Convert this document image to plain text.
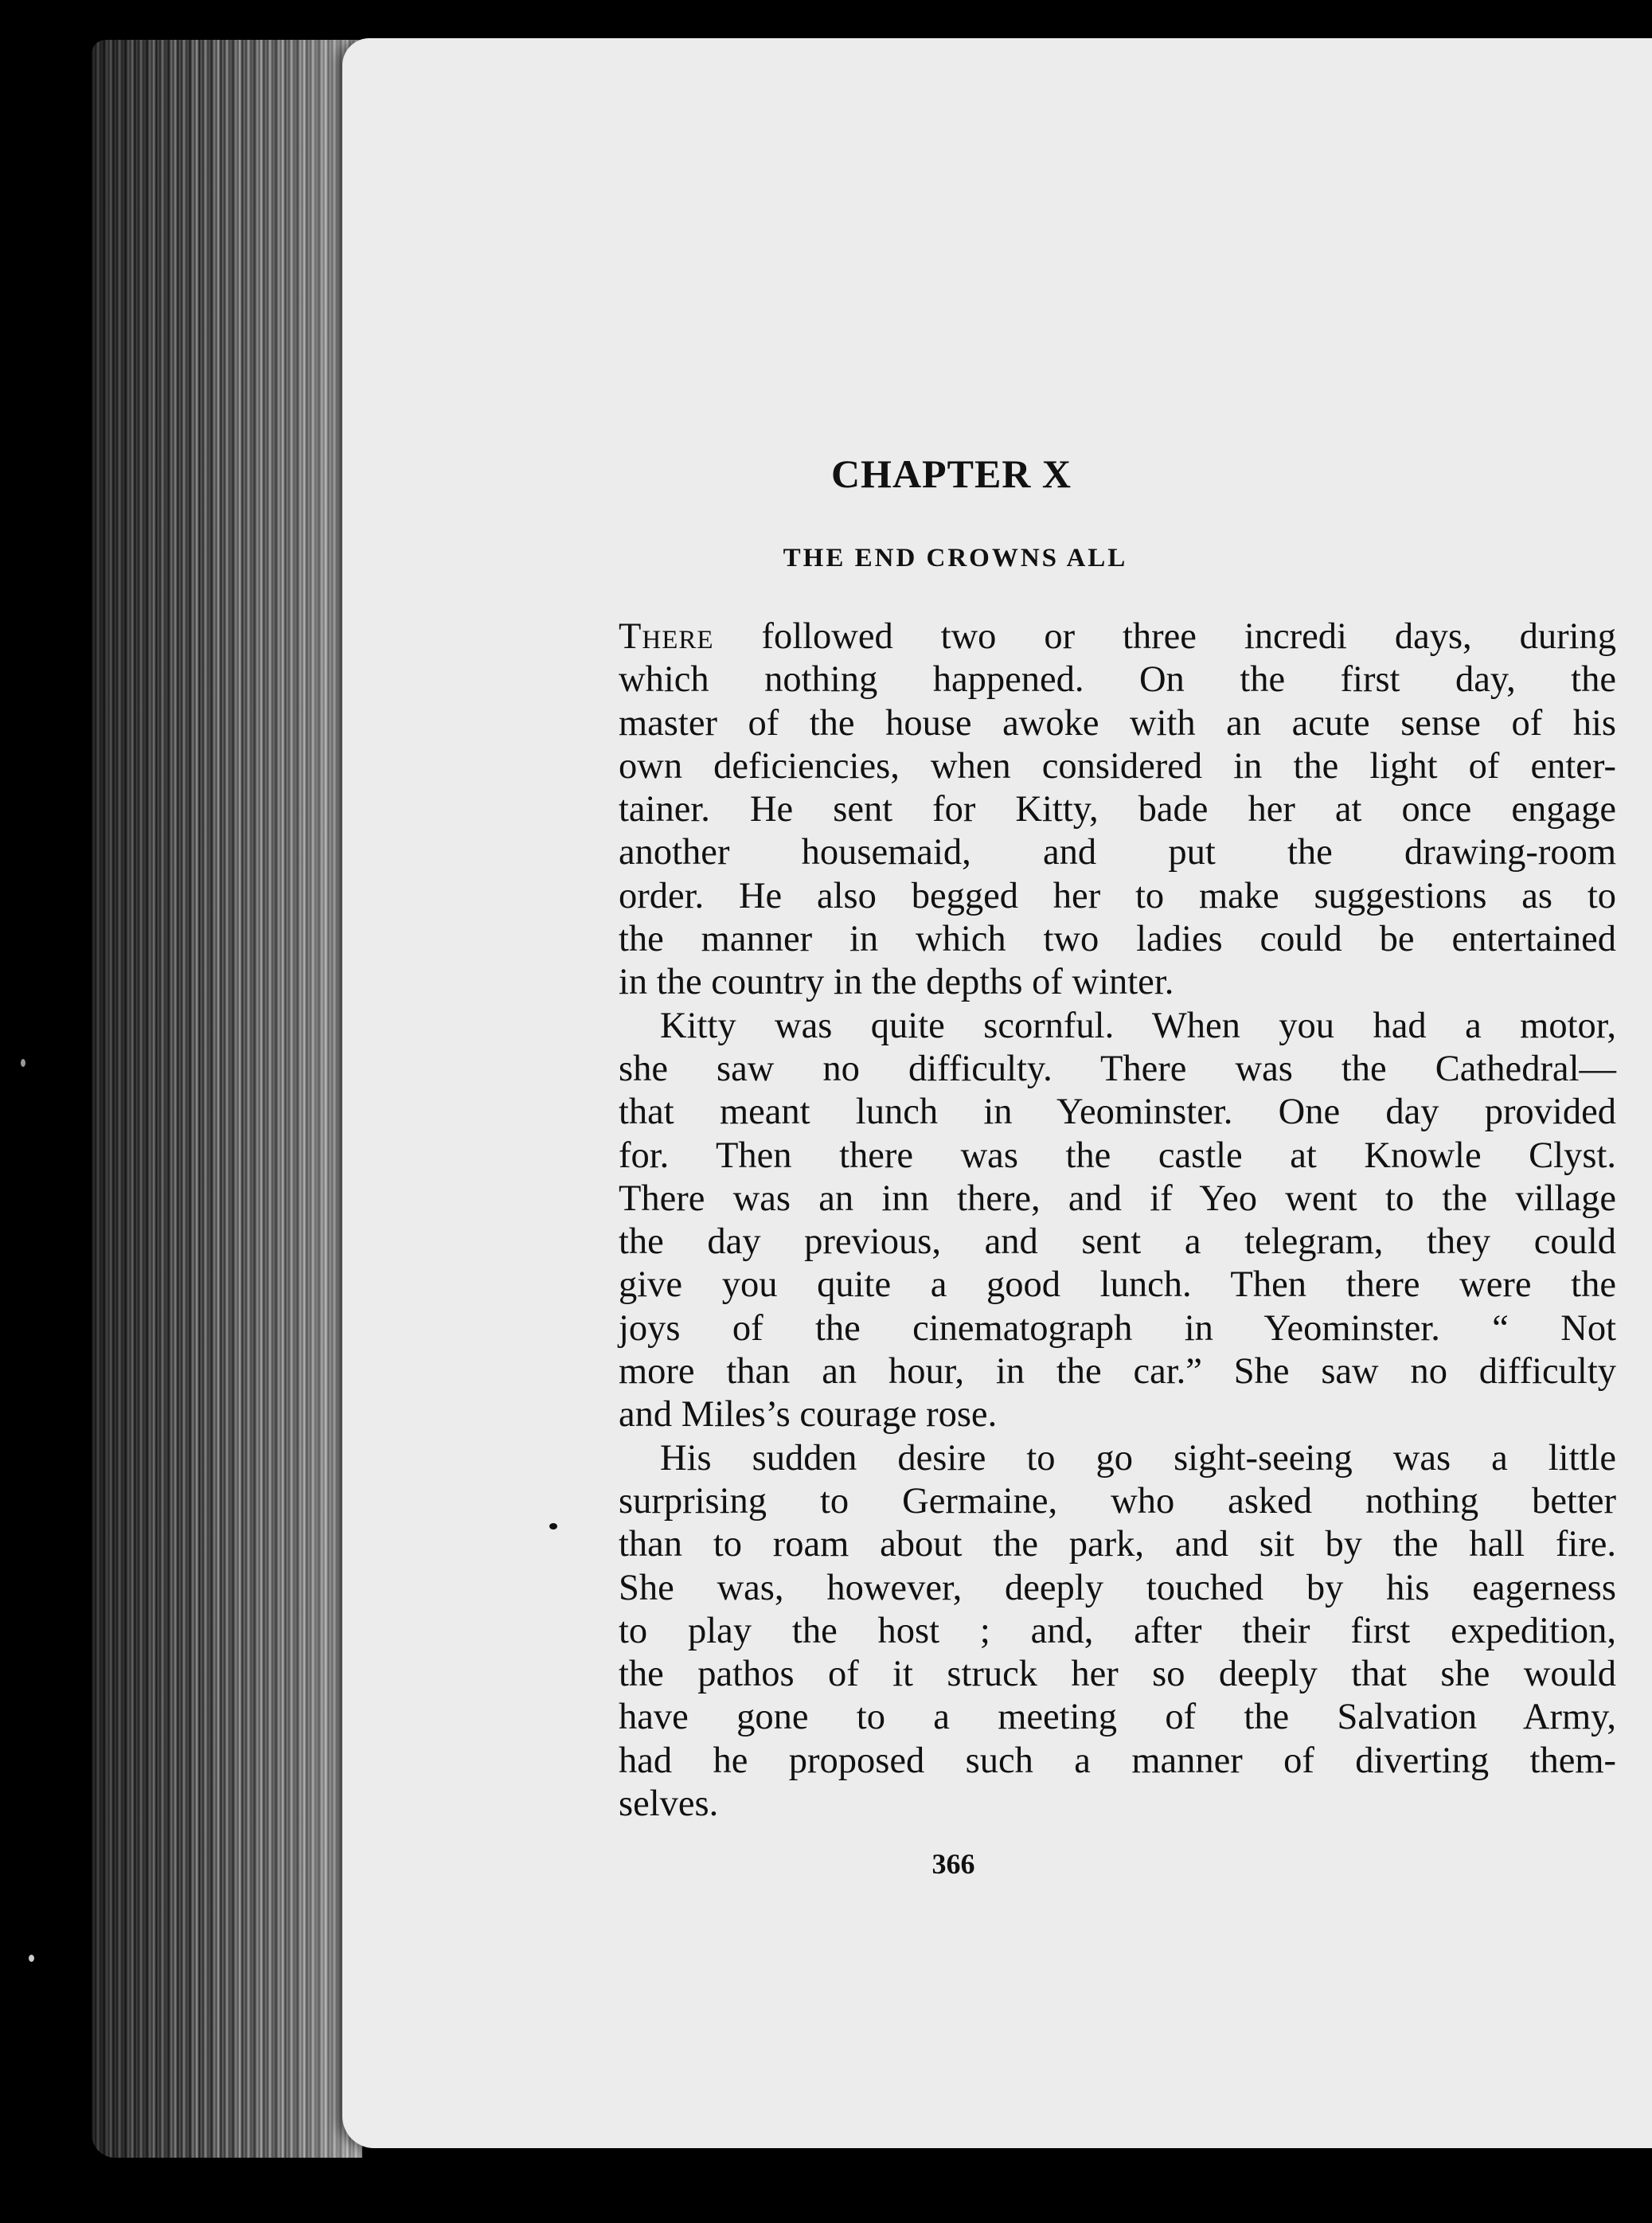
CHAPTER X
THE END CROWNS ALL
There followed two or three incredi days, during
which nothing happened. On the first day, the
master of the house awoke with an acute sense of his
own deficiencies, when considered in the light of enter-
tainer. He sent for Kitty, bade her at once engage
another housemaid, and put the drawing-room
order. He also begged her to make suggestions as to
the manner in which two ladies could be entertained
in the country in the depths of winter.
Kitty was quite scornful. When you had a motor,
she saw no difficulty. There was the Cathedral—
that meant lunch in Yeominster. One day provided
for. Then there was the castle at Knowle Clyst.
There was an inn there, and if Yeo went to the village
the day previous, and sent a telegram, they could
give you quite a good lunch. Then there were the
joys of the cinematograph in Yeominster. “ Not
more than an hour, in the car.” She saw no difficulty
and Miles’s courage rose.
His sudden desire to go sight-seeing was a little
surprising to Germaine, who asked nothing better
than to roam about the park, and sit by the hall fire.
She was, however, deeply touched by his eagerness
to play the host ; and, after their first expedition,
the pathos of it struck her so deeply that she would
have gone to a meeting of the Salvation Army,
had he proposed such a manner of diverting them-
selves.
366
